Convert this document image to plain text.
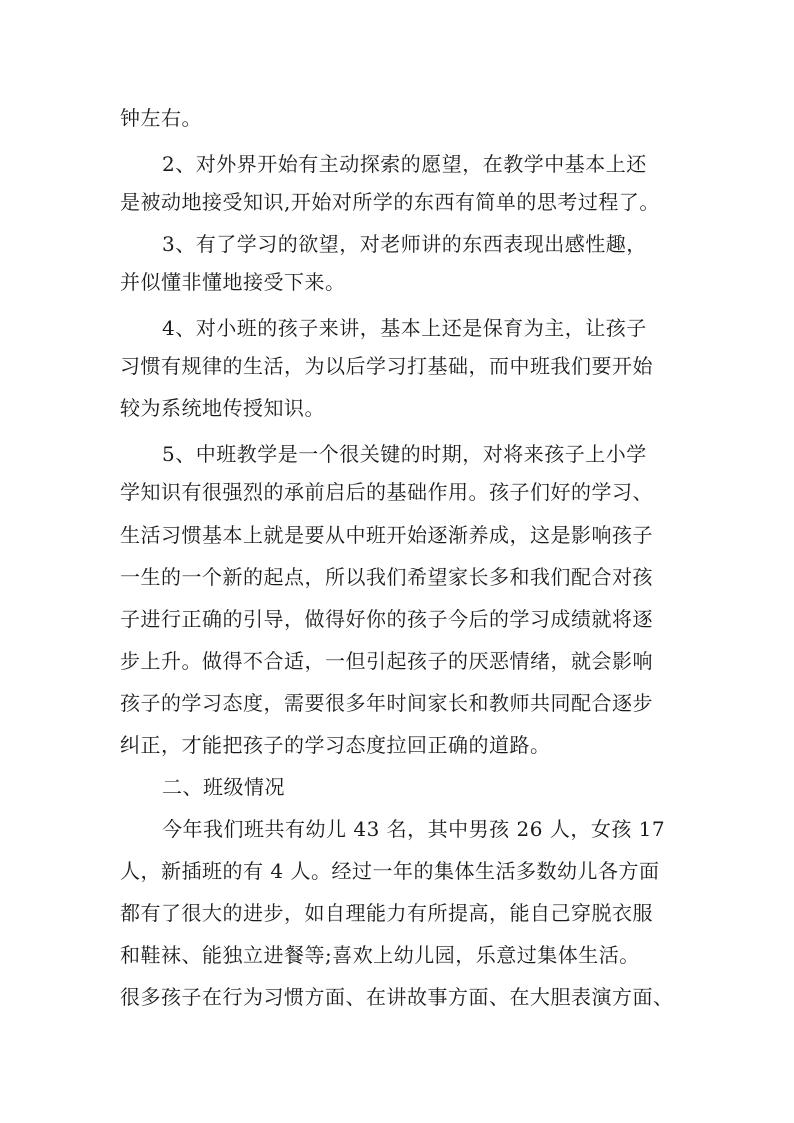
钟左右。
2、对外界开始有主动探索的愿望，在教学中基本上还
是被动地接受知识,开始对所学的东西有简单的思考过程了。
3、有了学习的欲望，对老师讲的东西表现出感性趣，
并似懂非懂地接受下来。
4、对小班的孩子来讲，基本上还是保育为主，让孩子
习惯有规律的生活，为以后学习打基础，而中班我们要开始
较为系统地传授知识。
5、中班教学是一个很关键的时期，对将来孩子上小学
学知识有很强烈的承前启后的基础作用。孩子们好的学习、
生活习惯基本上就是要从中班开始逐渐养成，这是影响孩子
一生的一个新的起点，所以我们希望家长多和我们配合对孩
子进行正确的引导，做得好你的孩子今后的学习成绩就将逐
步上升。做得不合适，一但引起孩子的厌恶情绪，就会影响
孩子的学习态度，需要很多年时间家长和教师共同配合逐步
纠正，才能把孩子的学习态度拉回正确的道路。
二、班级情况
今年我们班共有幼儿 43 名，其中男孩 26 人，女孩 17
人，新插班的有 4 人。经过一年的集体生活多数幼儿各方面
都有了很大的进步，如自理能力有所提高，能自己穿脱衣服
和鞋袜、能独立进餐等;喜欢上幼儿园，乐意过集体生活。
很多孩子在行为习惯方面、在讲故事方面、在大胆表演方面、
